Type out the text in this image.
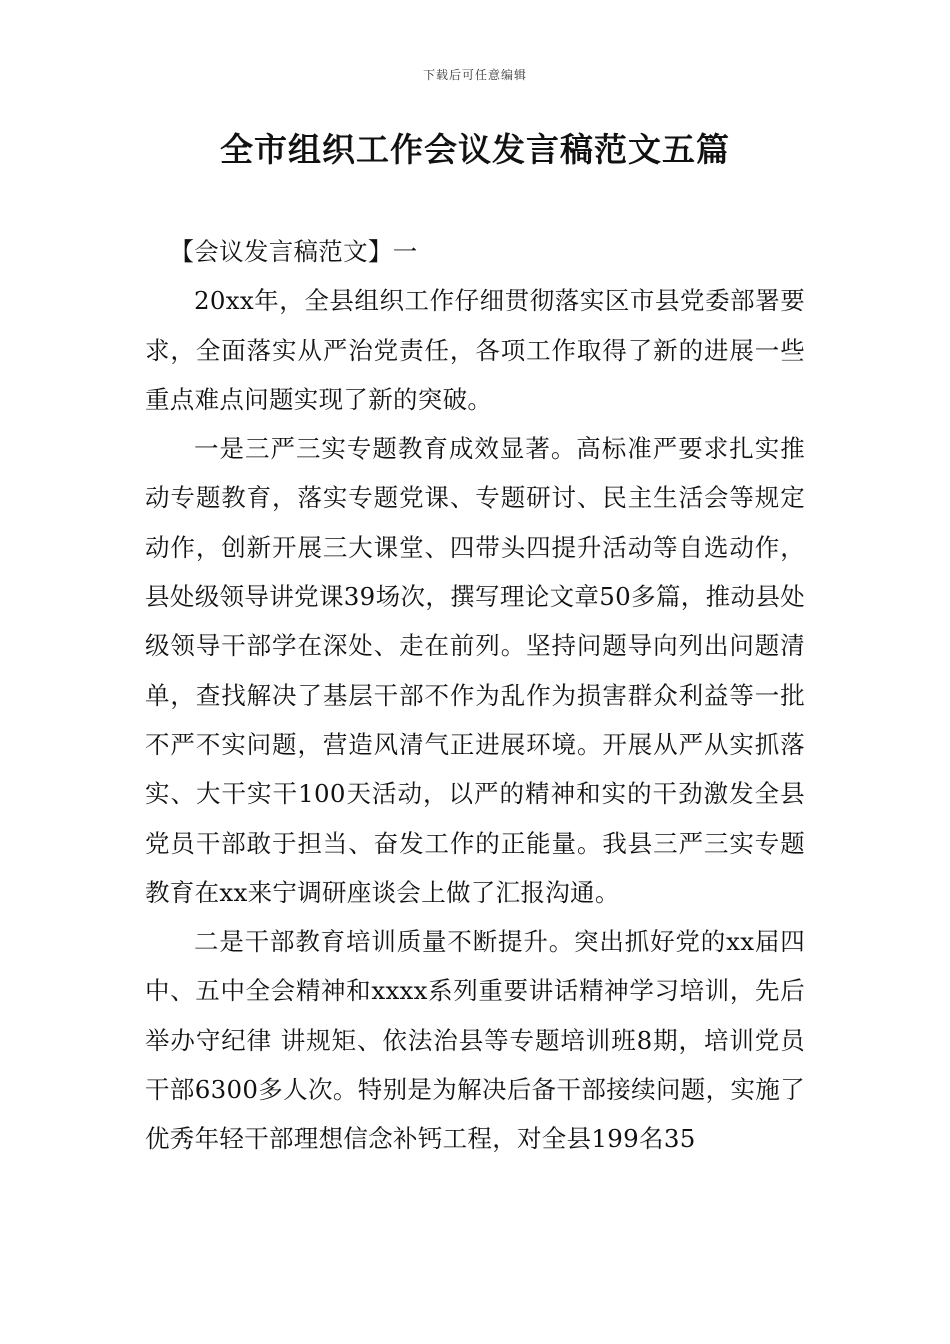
下载后可任意编辑
全市组织工作会议发言稿范文五篇

【会议发言稿范文】一

20xx年，全县组织工作仔细贯彻落实区市县党委部署要求，全面落实从严治党责任，各项工作取得了新的进展一些重点难点问题实现了新的突破。

一是三严三实专题教育成效显著。高标准严要求扎实推动专题教育，落实专题党课、专题研讨、民主生活会等规定动作，创新开展三大课堂、四带头四提升活动等自选动作，县处级领导讲党课39场次，撰写理论文章50多篇，推动县处级领导干部学在深处、走在前列。坚持问题导向列出问题清单，查找解决了基层干部不作为乱作为损害群众利益等一批不严不实问题，营造风清气正进展环境。开展从严从实抓落实、大干实干100天活动，以严的精神和实的干劲激发全县党员干部敢于担当、奋发工作的正能量。我县三严三实专题教育在xx来宁调研座谈会上做了汇报沟通。

二是干部教育培训质量不断提升。突出抓好党的xx届四中、五中全会精神和xxxx系列重要讲话精神学习培训，先后举办守纪律 讲规矩、依法治县等专题培训班8期，培训党员干部6300多人次。特别是为解决后备干部接续问题，实施了优秀年轻干部理想信念补钙工程，对全县199名35
